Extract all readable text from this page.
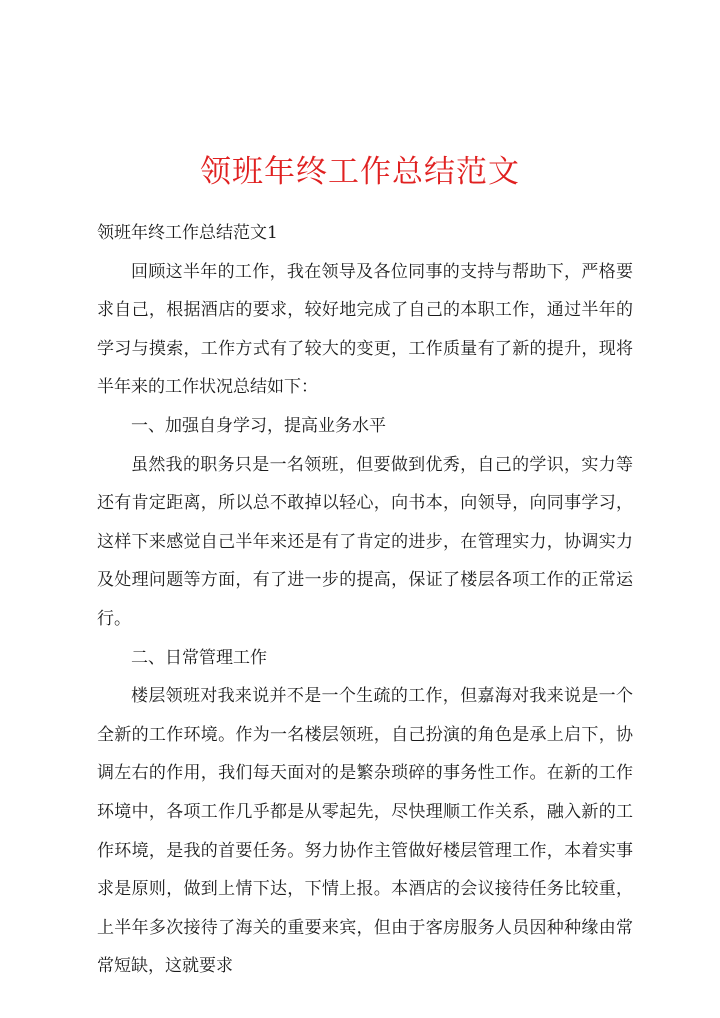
领班年终工作总结范文

领班年终工作总结范文1

回顾这半年的工作，我在领导及各位同事的支持与帮助下，严格要求自己，根据酒店的要求，较好地完成了自己的本职工作，通过半年的学习与摸索，工作方式有了较大的变更，工作质量有了新的提升，现将半年来的工作状况总结如下：

一、加强自身学习，提高业务水平

虽然我的职务只是一名领班，但要做到优秀，自己的学识，实力等还有肯定距离，所以总不敢掉以轻心，向书本，向领导，向同事学习，这样下来感觉自己半年来还是有了肯定的进步，在管理实力，协调实力及处理问题等方面，有了进一步的提高，保证了楼层各项工作的正常运行。

二、日常管理工作

楼层领班对我来说并不是一个生疏的工作，但嘉海对我来说是一个全新的工作环境。作为一名楼层领班，自己扮演的角色是承上启下，协调左右的作用，我们每天面对的是繁杂琐碎的事务性工作。在新的工作环境中，各项工作几乎都是从零起先，尽快理顺工作关系，融入新的工作环境，是我的首要任务。努力协作主管做好楼层管理工作，本着实事求是原则，做到上情下达，下情上报。本酒店的会议接待任务比较重，上半年多次接待了海关的重要来宾，但由于客房服务人员因种种缘由常常短缺，这就要求
